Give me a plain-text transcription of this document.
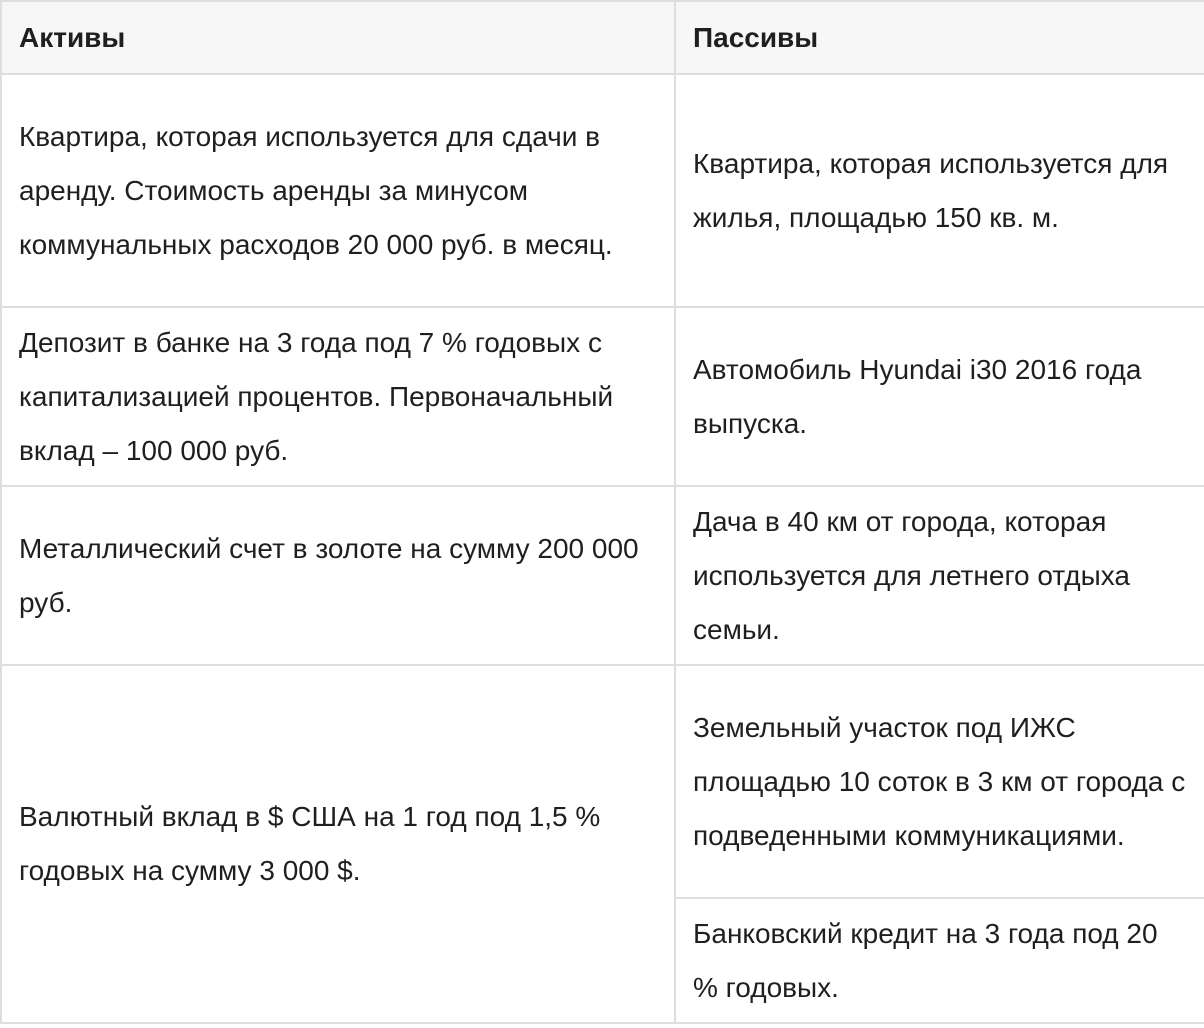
Активы	Пассивы
Квартира, которая используется для сдачи в аренду. Стоимость аренды за минусом коммунальных расходов 20 000 руб. в месяц.	Квартира, которая используется для жилья, площадью 150 кв. м.
Депозит в банке на 3 года под 7 % годовых с капитализацией процентов. Первоначальный вклад – 100 000 руб.	Автомобиль Hyundai i30 2016 года выпуска.
Металлический счет в золоте на сумму 200 000 руб.	Дача в 40 км от города, которая используется для летнего отдыха семьи.
Валютный вклад в $ США на 1 год под 1,5 % годовых на сумму 3 000 $.	Земельный участок под ИЖС площадью 10 соток в 3 км от города с подведенными коммуникациями.
	Банковский кредит на 3 года под 20 % годовых.
